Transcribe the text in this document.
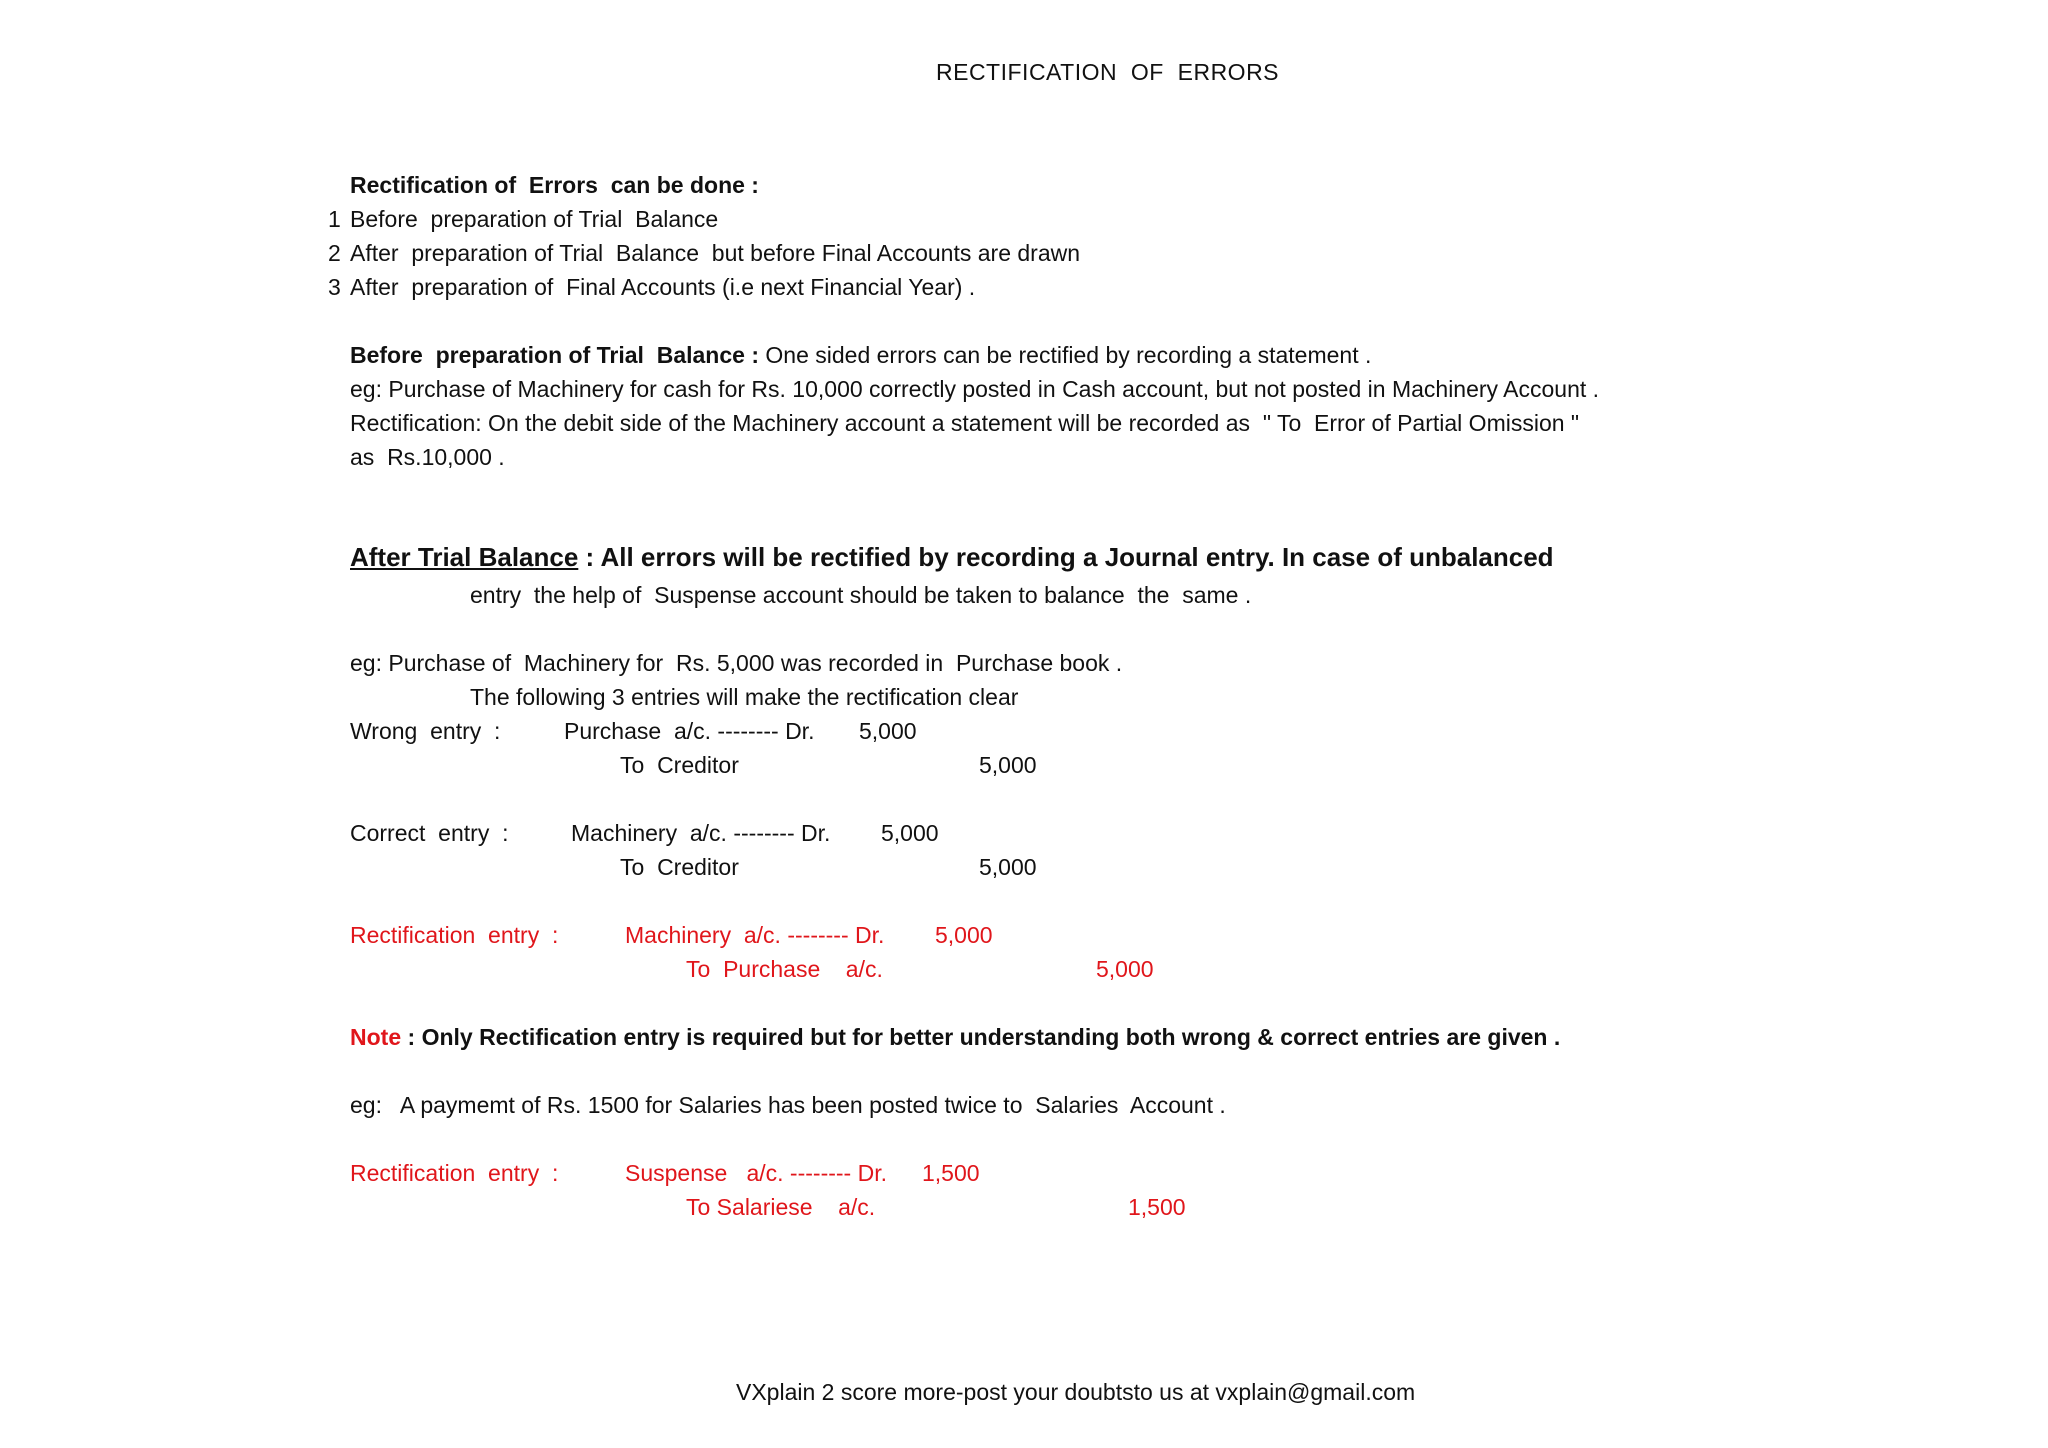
RECTIFICATION  OF  ERRORS
Rectification of  Errors  can be done :
1 Before  preparation of Trial  Balance
2 After  preparation of Trial  Balance  but before Final Accounts are drawn
3 After  preparation of  Final Accounts (i.e next Financial Year) .
Before  preparation of Trial  Balance : One sided errors can be rectified by recording a statement .
eg: Purchase of Machinery for cash for Rs. 10,000 correctly posted in Cash account, but not posted in Machinery Account .
Rectification: On the debit side of the Machinery account a statement will be recorded as  " To  Error of Partial Omission "
as  Rs.10,000 .
After Trial Balance : All errors will be rectified by recording a Journal entry. In case of unbalanced
entry  the help of  Suspense account should be taken to balance  the  same .
eg: Purchase of  Machinery for  Rs. 5,000 was recorded in  Purchase book .
The following 3 entries will make the rectification clear
Wrong  entry  :	Purchase  a/c. -------- Dr. 5,000
To  Creditor	5,000
Correct  entry  :	Machinery  a/c. -------- Dr. 5,000
To  Creditor	5,000
Rectification  entry  :	Machinery  a/c. -------- Dr. 5,000
To  Purchase    a/c.	5,000
Note : Only Rectification entry is required but for better understanding both wrong & correct entries are given .
eg:   A paymemt of Rs. 1500 for Salaries has been posted twice to  Salaries  Account .
Rectification  entry  :	Suspense   a/c. -------- Dr. 1,500
To Salariese    a/c.	1,500
VXplain 2 score more-post your doubtsto us at vxplain@gmail.com
